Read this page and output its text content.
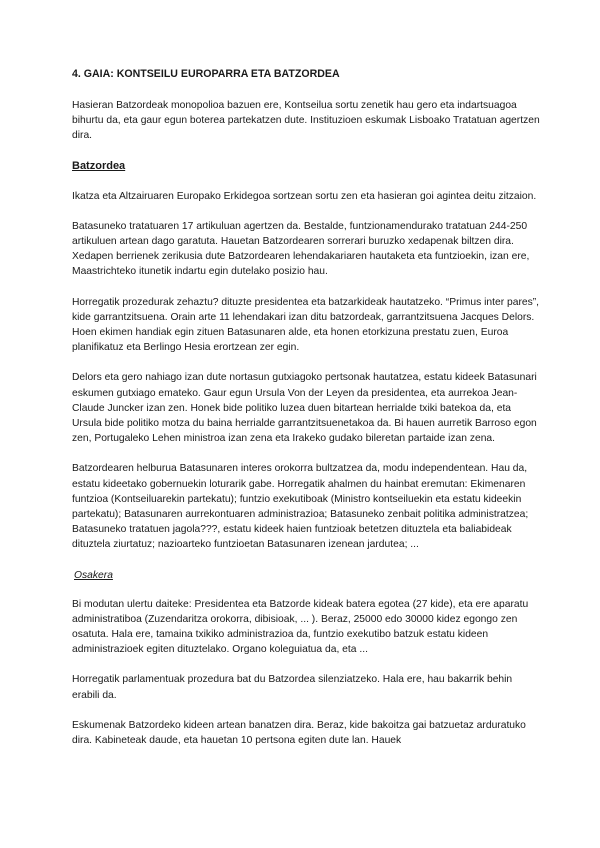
4. GAIA: KONTSEILU EUROPARRA ETA BATZORDEA

Hasieran Batzordeak monopolioa bazuen ere, Kontseilua sortu zenetik hau gero eta indartsuagoa bihurtu da, eta gaur egun boterea partekatzen dute. Instituzioen eskumak Lisboako Tratatuan agertzen dira.

Batzordea

Ikatza eta Altzairuaren Europako Erkidegoa sortzean sortu zen eta hasieran goi agintea deitu zitzaion.

Batasuneko tratatuaren 17 artikuluan agertzen da. Bestalde, funtzionamendurako tratatuan 244-250 artikuluen artean dago garatuta. Hauetan Batzordearen sorrerari buruzko xedapenak biltzen dira. Xedapen berrienek zerikusia dute Batzordearen lehendakariaren hautaketa eta funtzioekin, izan ere, Maastrichteko itunetik indartu egin dutelako posizio hau.

Horregatik prozedurak zehaztu? dituzte presidentea eta batzarkideak hautatzeko. “Primus inter pares”, kide garrantzitsuena. Orain arte 11 lehendakari izan ditu batzordeak, garrantzitsuena Jacques Delors. Hoen ekimen handiak egin zituen Batasunaren alde, eta honen etorkizuna prestatu zuen, Euroa planifikatuz eta Berlingo Hesia erortzean zer egin.

Delors eta gero nahiago izan dute nortasun gutxiagoko pertsonak hautatzea, estatu kideek Batasunari eskumen gutxiago emateko. Gaur egun Ursula Von der Leyen da presidentea, eta aurrekoa Jean-Claude Juncker izan zen. Honek bide politiko luzea duen bitartean herrialde txiki batekoa da, eta Ursula bide politiko motza du baina herrialde garrantzitsuenetakoa da. Bi hauen aurretik Barroso egon zen, Portugaleko Lehen ministroa izan zena eta Irakeko gudako bileretan partaide izan zena.

Batzordearen helburua Batasunaren interes orokorra bultzatzea da, modu independentean. Hau da, estatu kideetako gobernuekin loturarik gabe. Horregatik ahalmen du hainbat eremutan: Ekimenaren funtzioa (Kontseiluarekin partekatu); funtzio exekutiboak (Ministro kontseiluekin eta estatu kideekin partekatu); Batasunaren aurrekontuaren administrazioa; Batasuneko zenbait politika administratzea; Batasuneko tratatuen jagola???, estatu kideek haien funtzioak betetzen dituztela eta baliabideak dituztela ziurtatuz; nazioarteko funtzioetan Batasunaren izenean jardutea; ...

Osakera

Bi modutan ulertu daiteke: Presidentea eta Batzorde kideak batera egotea (27 kide), eta ere aparatu administratiboa (Zuzendaritza orokorra, dibisioak, ... ). Beraz, 25000 edo 30000 kidez egongo zen osatuta. Hala ere, tamaina txikiko administrazioa da, funtzio exekutibo batzuk estatu kideen administrazioek egiten dituztelako. Organo koleguiatua da, eta ...

Horregatik parlamentuak prozedura bat du Batzordea silenziatzeko. Hala ere, hau bakarrik behin erabili da.

Eskumenak Batzordeko kideen artean banatzen dira. Beraz, kide bakoitza gai batzuetaz arduratuko dira. Kabineteak daude, eta hauetan 10 pertsona egiten dute lan. Hauek
